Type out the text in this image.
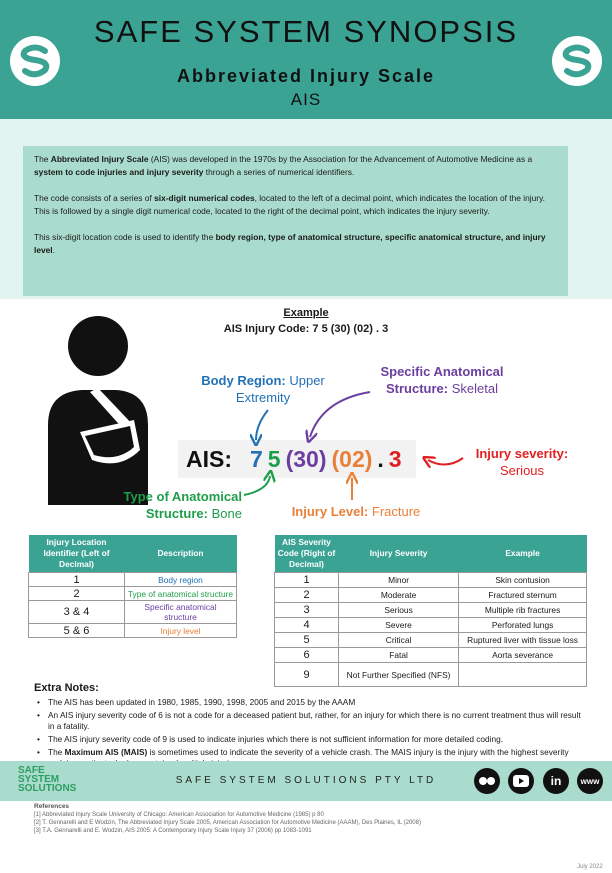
SAFE SYSTEM SYNOPSIS
Abbreviated Injury Scale
AIS

The Abbreviated Injury Scale (AIS) was developed in the 1970s by the Association for the Advancement of Automotive Medicine as a system to code injuries and injury severity through a series of numerical identifiers.

The code consists of a series of six-digit numerical codes, located to the left of a decimal point, which indicates the location of the injury. This is followed by a single digit numerical code, located to the right of the decimal point, which indicates the injury severity.

This six-digit location code is used to identify the body region, type of anatomical structure, specific anatomical structure, and injury level.

Example
AIS Injury Code: 7 5 (30) (02) . 3
AIS: 7 5 (30) (02) . 3
Body Region: Upper
Extremity
Specific Anatomical
Structure: Skeletal
Injury severity:
Serious
Type of Anatomical
Structure: Bone	Injury Level: Fracture
Injury Location Identifier (Left of Decimal)	Description
1	Body region
2	Type of anatomical structure
3 & 4	Specific anatomical structure
5 & 6	Injury level
AIS Severity Code (Right of Decimal)	Injury Severity	Example
1	Minor	Skin contusion
2	Moderate	Fractured sternum
3	Serious	Multiple rib fractures
4	Severe	Perforated lungs
5	Critical	Ruptured liver with tissue loss
6	Fatal	Aorta severance
9	Not Further Specified (NFS)	
Extra Notes:
• The AIS has been updated in 1980, 1985, 1990, 1998, 2005 and 2015 by the AAAM
• An AIS injury severity code of 6 is not a code for a deceased patient but, rather, for an injury for which there is no current treatment thus will result in a fatality.
• The AIS injury severity code of 9 is used to indicate injuries which there is not sufficient information for more detailed coding.
• The Maximum AIS (MAIS) is sometimes used to indicate the severity of a vehicle crash. The MAIS injury is the injury with the highest severity
SAFE
SYSTEM
SOLUTIONS
SAFE SYSTEM SOLUTIONS PTY LTD	in www
References
[1] Abbreviated Injury Scale University of Chicago: American Association for Automotive Medicine (1985) p 80
[2] T. Gennarelli and E Wodzin, The Abbreviated Injury Scale 2005, American Association for Automotive Medicine (AAAM), Des Plaines, IL (2008)
[3] T.A. Gennarelli and E. Wodzin, AIS 2005: A Contemporary Injury Scale Injury 37 (2006) pp 1083-1091
July 2022
